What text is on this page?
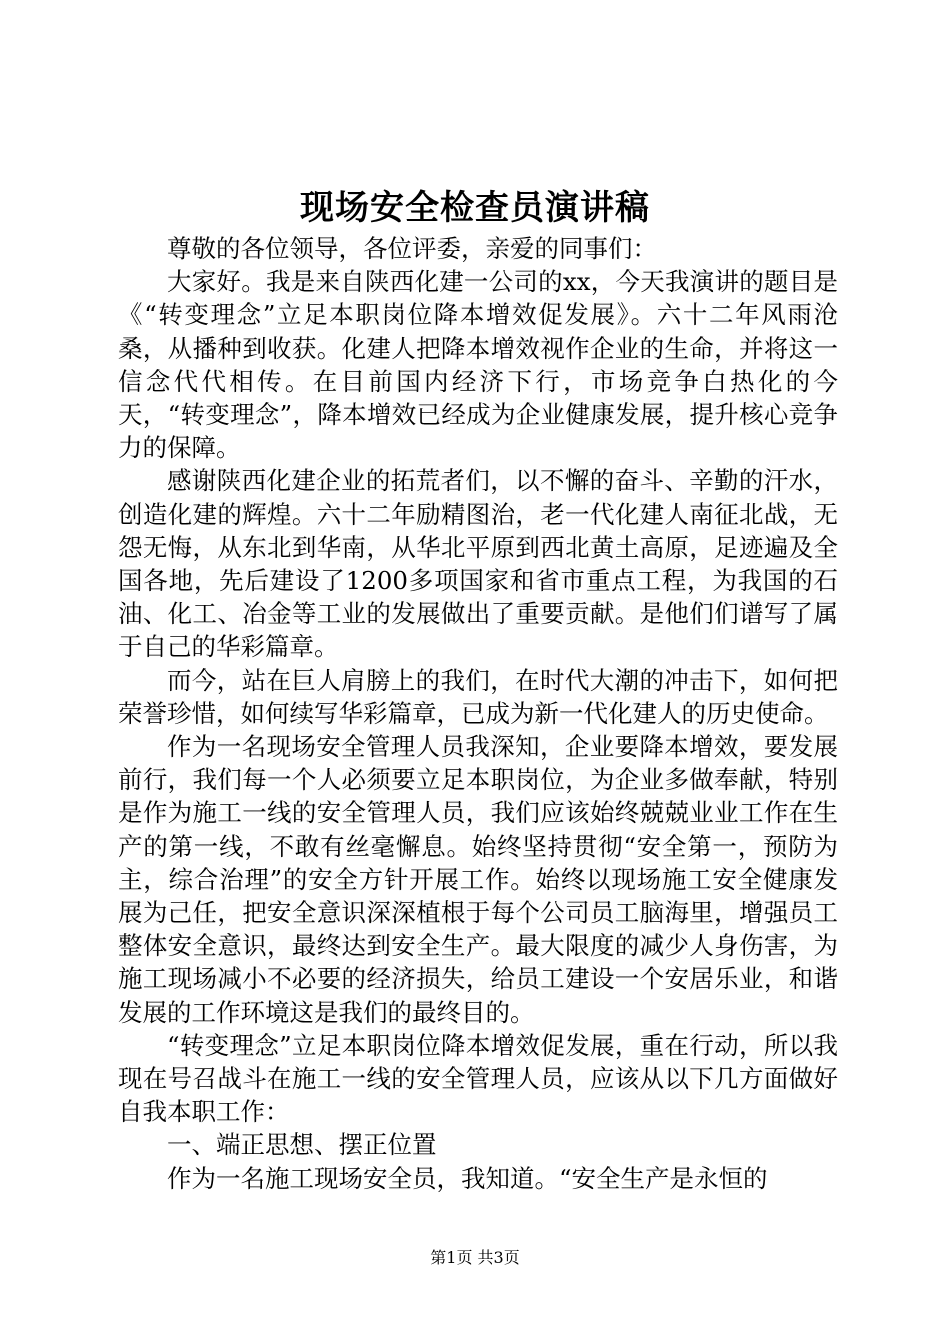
现场安全检查员演讲稿

尊敬的各位领导，各位评委，亲爱的同事们：

大家好。我是来自陕西化建一公司的xx，今天我演讲的题目是《“转变理念”立足本职岗位降本增效促发展》。六十二年风雨沧桑，从播种到收获。化建人把降本增效视作企业的生命，并将这一信念代代相传。在目前国内经济下行，市场竞争白热化的今天，“转变理念”，降本增效已经成为企业健康发展，提升核心竞争力的保障。

感谢陕西化建企业的拓荒者们，以不懈的奋斗、辛勤的汗水，创造化建的辉煌。六十二年励精图治，老一代化建人南征北战，无怨无悔，从东北到华南，从华北平原到西北黄土高原，足迹遍及全国各地，先后建设了1200多项国家和省市重点工程，为我国的石油、化工、冶金等工业的发展做出了重要贡献。是他们们谱写了属于自己的华彩篇章。

而今，站在巨人肩膀上的我们，在时代大潮的冲击下，如何把荣誉珍惜，如何续写华彩篇章，已成为新一代化建人的历史使命。

作为一名现场安全管理人员我深知，企业要降本增效，要发展前行，我们每一个人必须要立足本职岗位，为企业多做奉献，特别是作为施工一线的安全管理人员，我们应该始终兢兢业业工作在生产的第一线，不敢有丝毫懈息。始终坚持贯彻“安全第一，预防为主，综合治理”的安全方针开展工作。始终以现场施工安全健康发展为己任，把安全意识深深植根于每个公司员工脑海里，增强员工整体安全意识，最终达到安全生产。最大限度的减少人身伤害，为施工现场减小不必要的经济损失，给员工建设一个安居乐业，和谐发展的工作环境这是我们的最终目的。

“转变理念”立足本职岗位降本增效促发展，重在行动，所以我现在号召战斗在施工一线的安全管理人员，应该从以下几方面做好自我本职工作：

一、端正思想、摆正位置

作为一名施工现场安全员，我知道。“安全生产是永恒的

第1页 共3页
